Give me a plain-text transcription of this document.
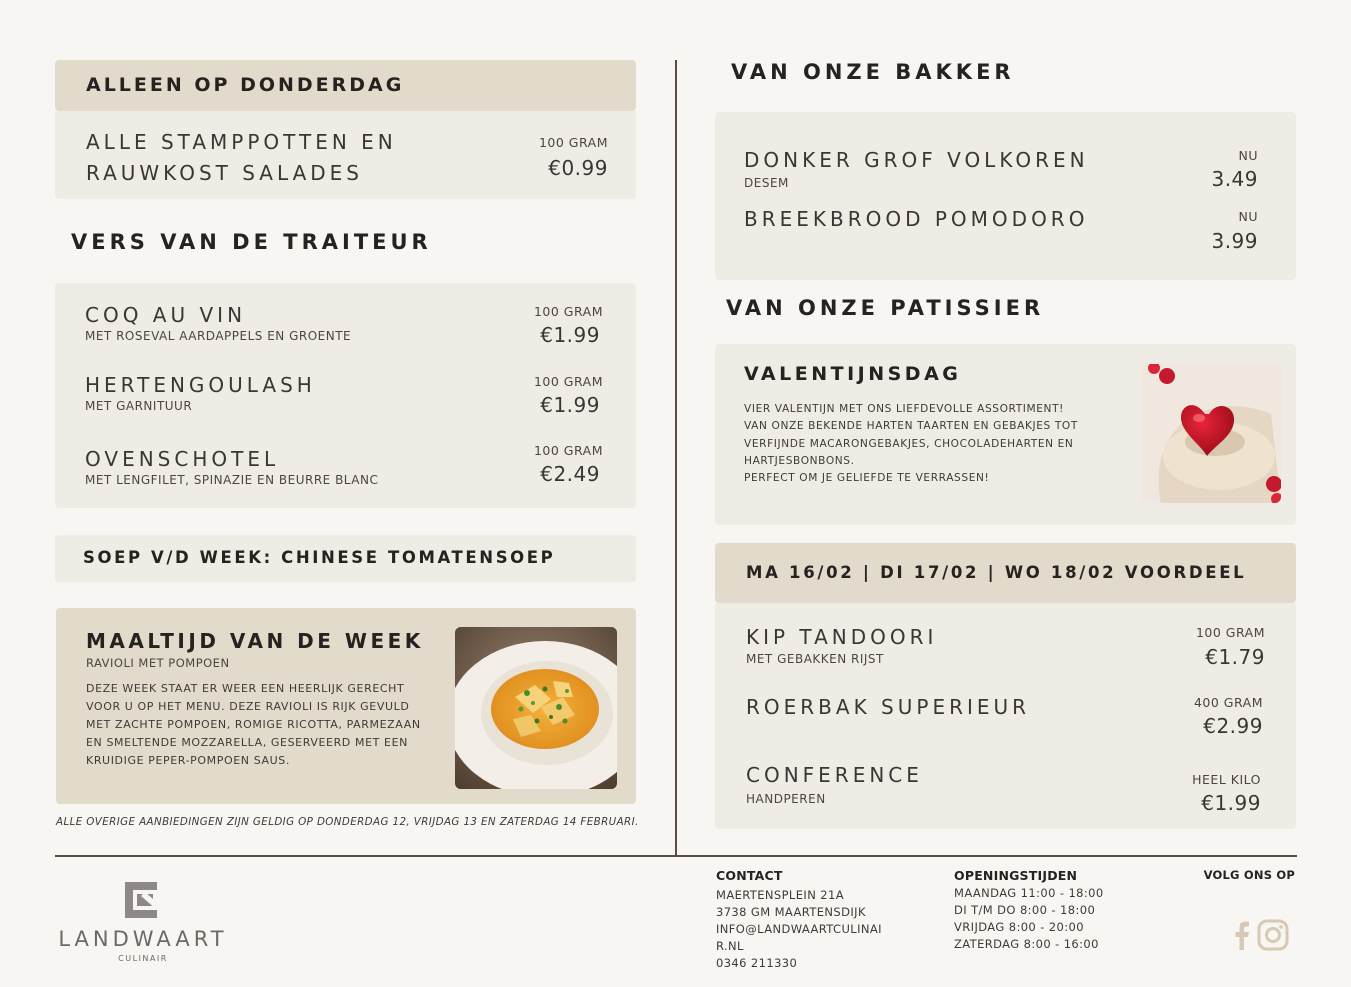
ALLEEN OP DONDERDAG
ALLE STAMPPOTTEN EN
RAUWKOST SALADES
100 GRAM
€0.99
VERS VAN DE TRAITEUR
COQ AU VIN
MET ROSEVAL AARDAPPELS EN GROENTE
100 GRAM
€1.99
HERTENGOULASH
MET GARNITUUR
100 GRAM
€1.99
OVENSCHOTEL
MET LENGFILET, SPINAZIE EN BEURRE BLANC
100 GRAM
€2.49
SOEP V/D WEEK: CHINESE TOMATENSOEP
MAALTIJD VAN DE WEEK
RAVIOLI MET POMPOEN
DEZE WEEK STAAT ER WEER EEN HEERLIJK GERECHT
VOOR U OP HET MENU. DEZE RAVIOLI IS RIJK GEVULD
MET ZACHTE POMPOEN, ROMIGE RICOTTA, PARMEZAAN
EN SMELTENDE MOZZARELLA, GESERVEERD MET EEN
KRUIDIGE PEPER-POMPOEN SAUS.
ALLE OVERIGE AANBIEDINGEN ZIJN GELDIG OP DONDERDAG 12, VRIJDAG 13 EN ZATERDAG 14 FEBRUARI.
VAN ONZE BAKKER
DONKER GROF VOLKOREN
DESEM
NU
3.49
BREEKBROOD POMODORO	NU
3.99
VAN ONZE PATISSIER
VALENTIJNSDAG
VIER VALENTIJN MET ONS LIEFDEVOLLE ASSORTIMENT!
VAN ONZE BEKENDE HARTEN TAARTEN EN GEBAKJES TOT
VERFIJNDE MACARONGEBAKJES, CHOCOLADEHARTEN EN
HARTJESBONBONS.
PERFECT OM JE GELIEFDE TE VERRASSEN!
MA 16/02 | DI 17/02 | WO 18/02 VOORDEEL
KIP TANDOORI
MET GEBAKKEN RIJST
100 GRAM
€1.79
ROERBAK SUPERIEUR	400 GRAM
€2.99
CONFERENCE
HANDPEREN
HEEL KILO
€1.99
LANDWAART
CULINAIR
CONTACT
MAERTENSPLEIN 21A
3738 GM MAARTENSDIJK
INFO@LANDWAARTCULINAI
R.NL
0346 211330
OPENINGSTIJDEN
MAANDAG 11:00 - 18:00
DI T/M DO 8:00 - 18:00
VRIJDAG 8:00 - 20:00
ZATERDAG 8:00 - 16:00
VOLG ONS OP
